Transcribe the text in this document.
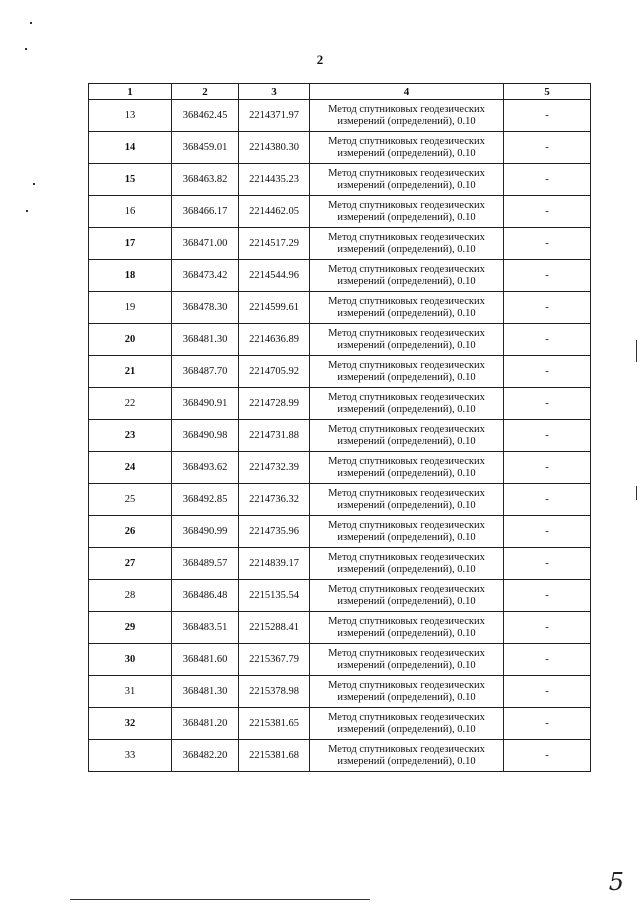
2
1	2	3	4	5
13	368462.45	2214371.97	Метод спутниковых геодезических
измерений (определений), 0.10	-
14	368459.01	2214380.30	Метод спутниковых геодезических
измерений (определений), 0.10	-
15	368463.82	2214435.23	Метод спутниковых геодезических
измерений (определений), 0.10	-
16	368466.17	2214462.05	Метод спутниковых геодезических
измерений (определений), 0.10	-
17	368471.00	2214517.29	Метод спутниковых геодезических
измерений (определений), 0.10	-
18	368473.42	2214544.96	Метод спутниковых геодезических
измерений (определений), 0.10	-
19	368478.30	2214599.61	Метод спутниковых геодезических
измерений (определений), 0.10	-
20	368481.30	2214636.89	Метод спутниковых геодезических
измерений (определений), 0.10	-
21	368487.70	2214705.92	Метод спутниковых геодезических
измерений (определений), 0.10	-
22	368490.91	2214728.99	Метод спутниковых геодезических
измерений (определений), 0.10	-
23	368490.98	2214731.88	Метод спутниковых геодезических
измерений (определений), 0.10	-
24	368493.62	2214732.39	Метод спутниковых геодезических
измерений (определений), 0.10	-
25	368492.85	2214736.32	Метод спутниковых геодезических
измерений (определений), 0.10	-
26	368490.99	2214735.96	Метод спутниковых геодезических
измерений (определений), 0.10	-
27	368489.57	2214839.17	Метод спутниковых геодезических
измерений (определений), 0.10	-
28	368486.48	2215135.54	Метод спутниковых геодезических
измерений (определений), 0.10	-
29	368483.51	2215288.41	Метод спутниковых геодезических
измерений (определений), 0.10	-
30	368481.60	2215367.79	Метод спутниковых геодезических
измерений (определений), 0.10	-
31	368481.30	2215378.98	Метод спутниковых геодезических
измерений (определений), 0.10	-
32	368481.20	2215381.65	Метод спутниковых геодезических
измерений (определений), 0.10	-
33	368482.20	2215381.68	Метод спутниковых геодезических
измерений (определений), 0.10	-
5
